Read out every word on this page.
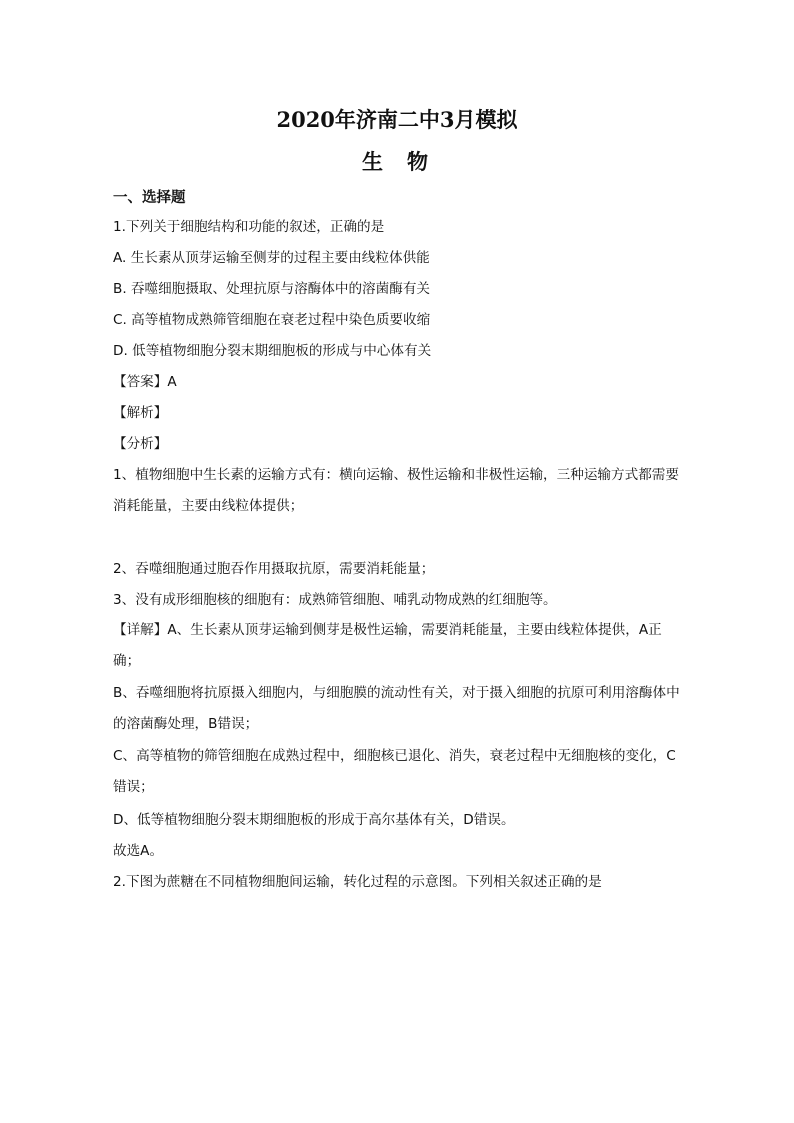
2020年济南二中3月模拟
生物
一、选择题
1.下列关于细胞结构和功能的叙述，正确的是
A. 生长素从顶芽运输至侧芽的过程主要由线粒体供能
B. 吞噬细胞摄取、处理抗原与溶酶体中的溶菌酶有关
C. 高等植物成熟筛管细胞在衰老过程中染色质要收缩
D. 低等植物细胞分裂末期细胞板的形成与中心体有关
【答案】A
【解析】
【分析】
1、植物细胞中生长素的运输方式有：横向运输、极性运输和非极性运输，三种运输方式都需要消耗能量，主要由线粒体提供；
2、吞噬细胞通过胞吞作用摄取抗原，需要消耗能量；
3、没有成形细胞核的细胞有：成熟筛管细胞、哺乳动物成熟的红细胞等。
【详解】A、生长素从顶芽运输到侧芽是极性运输，需要消耗能量，主要由线粒体提供，A正确；
B、吞噬细胞将抗原摄入细胞内，与细胞膜的流动性有关，对于摄入细胞的抗原可利用溶酶体中的溶菌酶处理，B错误；
C、高等植物的筛管细胞在成熟过程中，细胞核已退化、消失，衰老过程中无细胞核的变化，C错误；
D、低等植物细胞分裂末期细胞板的形成于高尔基体有关，D错误。
故选A。
2.下图为蔗糖在不同植物细胞间运输，转化过程的示意图。下列相关叙述正确的是
